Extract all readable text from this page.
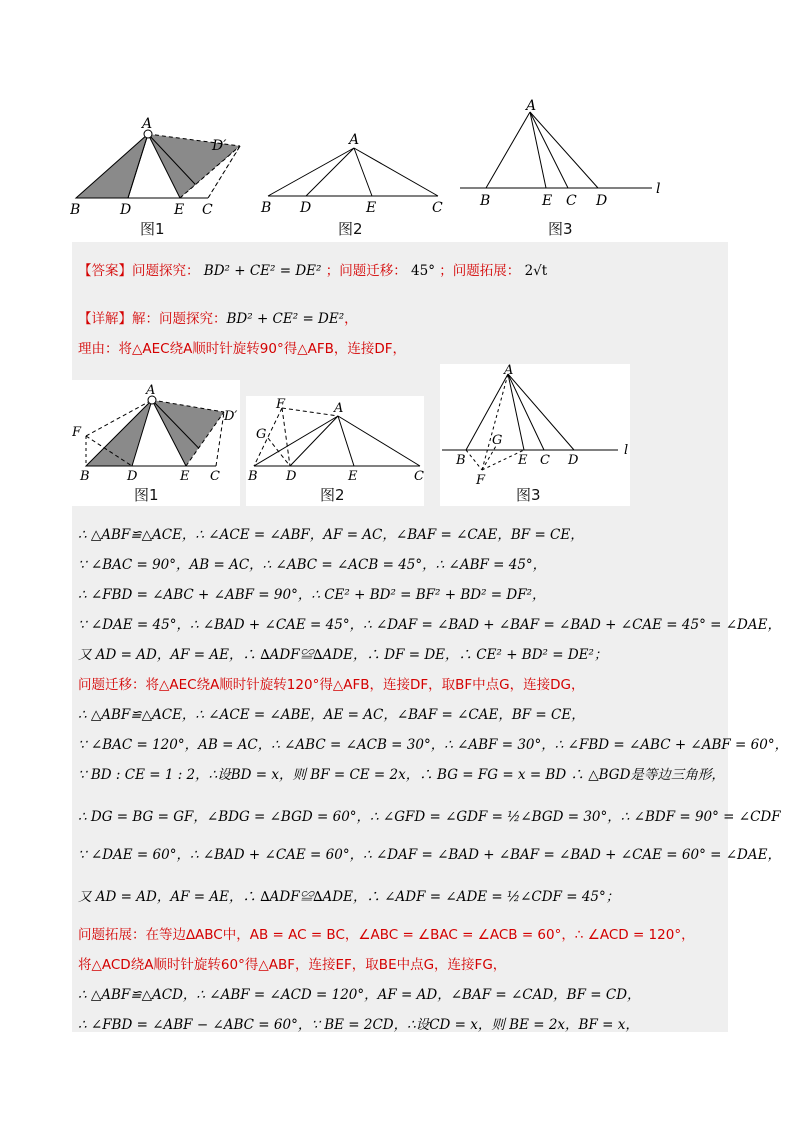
A
D′
B	D	E C
图1
A
B D	E	C
图2
A
B	E C D
l
图3
【答案】问题探究： BD² + CE² = DE² ；问题迁移： 45° ；问题拓展： 2√t
【详解】解：问题探究：BD² + CE² = DE²，
理由：将△AEC绕A顺时针旋转90°得△AFB，连接DF，
A
D′
F
B	D	E C
图1
F	A
G
B D	E	C
图2
A
G
B	E C D
l
F
图3
∴ △ABF≌△ACE，∴ ∠ACE = ∠ABF，AF = AC，∠BAF = ∠CAE，BF = CE，
∵ ∠BAC = 90°，AB = AC，∴ ∠ABC = ∠ACB = 45°，∴ ∠ABF = 45°，
∴ ∠FBD = ∠ABC + ∠ABF = 90°，∴ CE² + BD² = BF² + BD² = DF²，
∵ ∠DAE = 45°，∴ ∠BAD + ∠CAE = 45°，∴ ∠DAF = ∠BAD + ∠BAF = ∠BAD + ∠CAE = 45° = ∠DAE，
又 AD = AD，AF = AE，∴ ∆ADF≌∆ADE，∴ DF = DE，∴ CE² + BD² = DE²；
问题迁移：将△AEC绕A顺时针旋转120°得△AFB，连接DF，取BF中点G，连接DG，
∴ △ABF≌△ACE，∴ ∠ACE = ∠ABE，AE = AC，∠BAF = ∠CAE，BF = CE，
∵ ∠BAC = 120°，AB = AC，∴ ∠ABC = ∠ACB = 30°，∴ ∠ABF = 30°，∴ ∠FBD = ∠ABC + ∠ABF = 60°，
∵ BD : CE = 1 : 2，∴设BD = x，则 BF = CE = 2x，∴ BG = FG = x = BD ∴ △BGD是等边三角形，
∴ DG = BG = GF，∠BDG = ∠BGD = 60°，∴ ∠GFD = ∠GDF = ½∠BGD = 30°，∴ ∠BDF = 90° = ∠CDF
∵ ∠DAE = 60°，∴ ∠BAD + ∠CAE = 60°，∴ ∠DAF = ∠BAD + ∠BAF = ∠BAD + ∠CAE = 60° = ∠DAE，
又 AD = AD，AF = AE，∴ ∆ADF≌∆ADE，∴ ∠ADF = ∠ADE = ½∠CDF = 45°；
问题拓展：在等边∆ABC中，AB = AC = BC，∠ABC = ∠BAC = ∠ACB = 60°，∴ ∠ACD = 120°，
将△ACD绕A顺时针旋转60°得△ABF，连接EF，取BE中点G，连接FG，
∴ △ABF≌△ACD，∴ ∠ABF = ∠ACD = 120°，AF = AD，∠BAF = ∠CAD，BF = CD，
∴ ∠FBD = ∠ABF − ∠ABC = 60°，∵ BE = 2CD，∴设CD = x，则 BE = 2x，BF = x，
